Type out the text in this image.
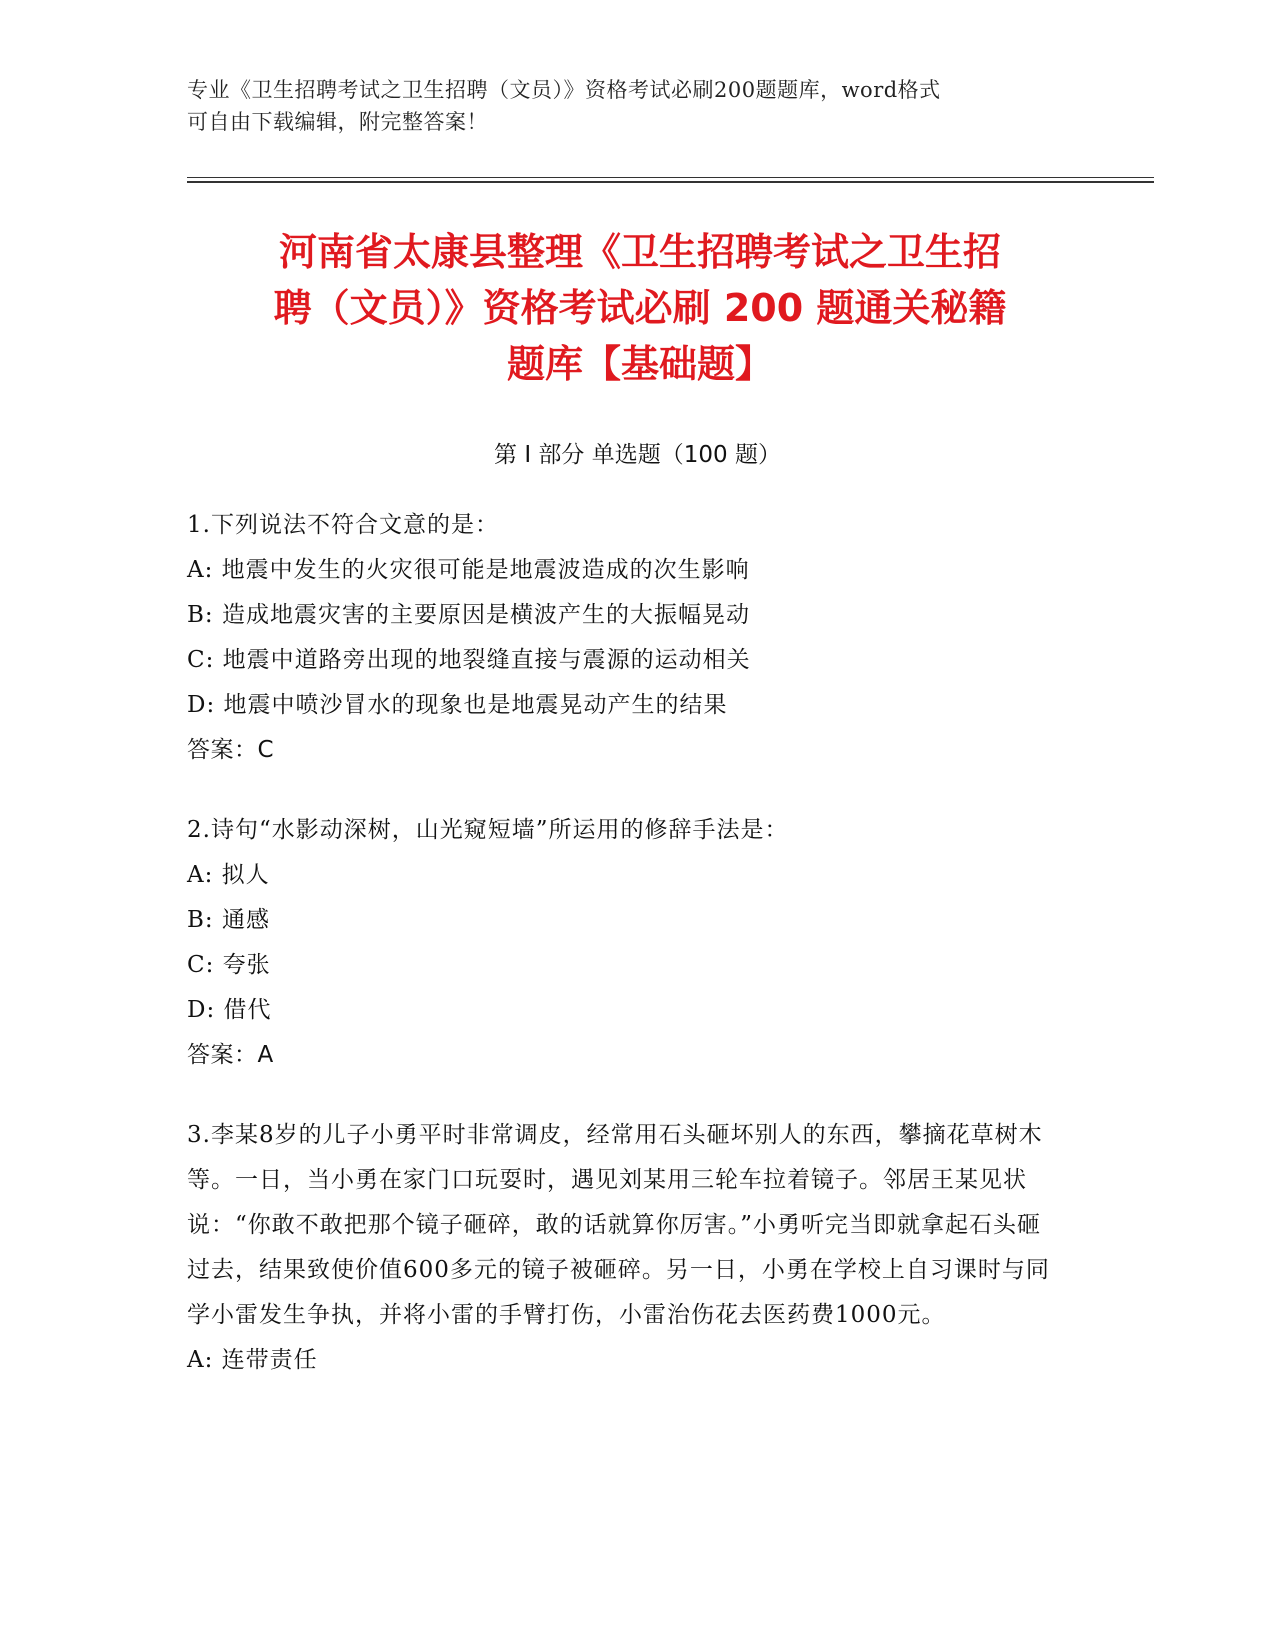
专业《卫生招聘考试之卫生招聘（文员）》资格考试必刷200题题库，word格式
可自由下载编辑，附完整答案！
河南省太康县整理《卫生招聘考试之卫生招
聘（文员）》资格考试必刷 200 题通关秘籍
题库【基础题】
第 I 部分 单选题（100 题）

1.下列说法不符合文意的是：

A: 地震中发生的火灾很可能是地震波造成的次生影响

B: 造成地震灾害的主要原因是横波产生的大振幅晃动

C: 地震中道路旁出现的地裂缝直接与震源的运动相关

D: 地震中喷沙冒水的现象也是地震晃动产生的结果

答案：C

2.诗句“水影动深树，山光窥短墙”所运用的修辞手法是：

A: 拟人

B: 通感

C: 夸张

D: 借代

答案：A

3.李某8岁的儿子小勇平时非常调皮，经常用石头砸坏别人的东西，攀摘花草树木等。一日，当小勇在家门口玩耍时，遇见刘某用三轮车拉着镜子。邻居王某见状说：“你敢不敢把那个镜子砸碎，敢的话就算你厉害。”小勇听完当即就拿起石头砸过去，结果致使价值600多元的镜子被砸碎。另一日，小勇在学校上自习课时与同学小雷发生争执，并将小雷的手臂打伤，小雷治伤花去医药费1000元。

A: 连带责任
